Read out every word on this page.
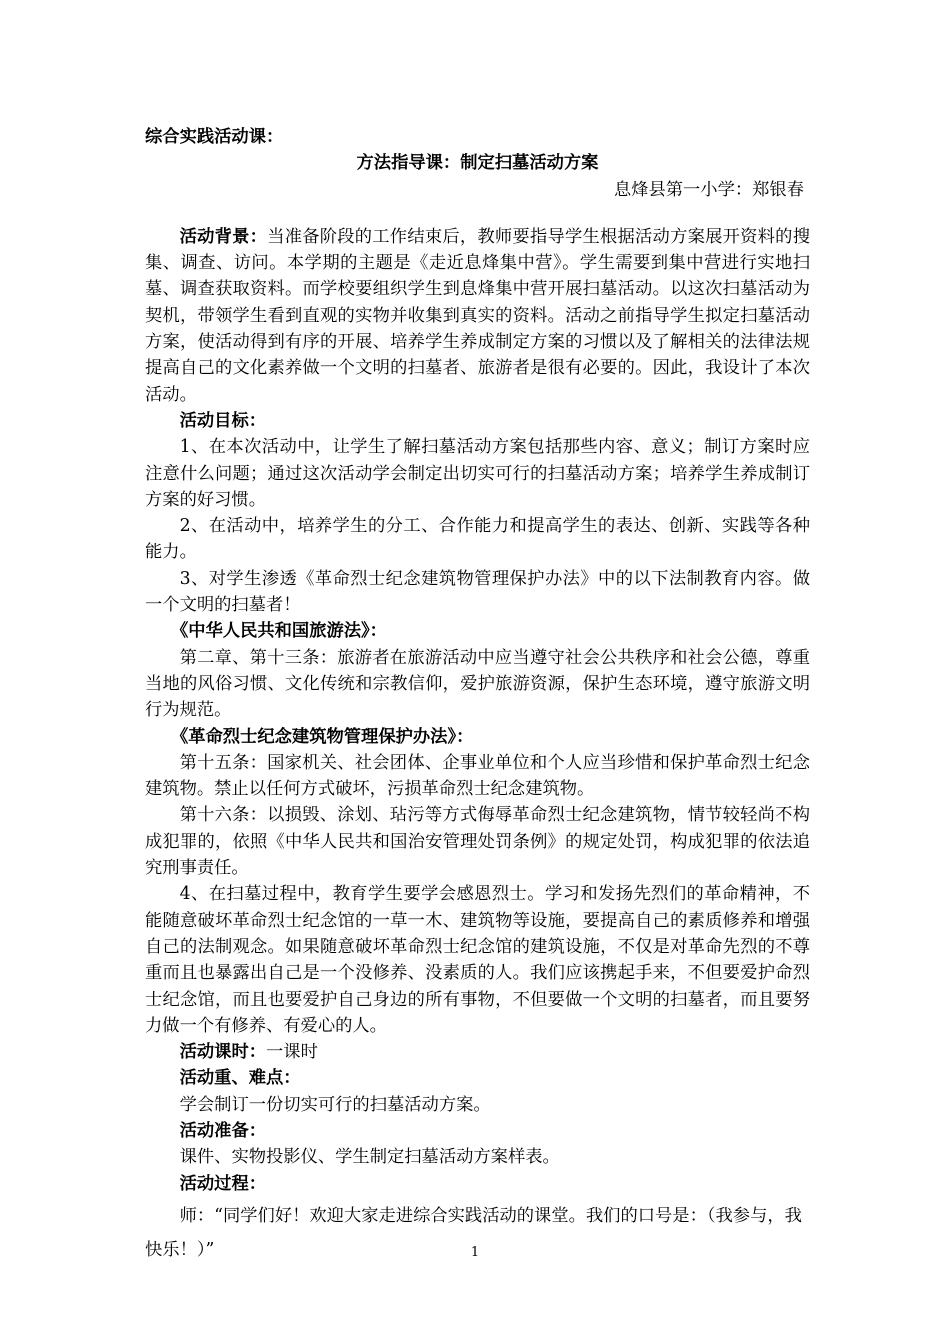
综合实践活动课：

方法指导课：制定扫墓活动方案

息烽县第一小学：郑银春

活动背景：当准备阶段的工作结束后，教师要指导学生根据活动方案展开资料的搜集、调查、访问。本学期的主题是《走近息烽集中营》。学生需要到集中营进行实地扫墓、调查获取资料。而学校要组织学生到息烽集中营开展扫墓活动。以这次扫墓活动为契机，带领学生看到直观的实物并收集到真实的资料。活动之前指导学生拟定扫墓活动方案，使活动得到有序的开展、培养学生养成制定方案的习惯以及了解相关的法律法规提高自己的文化素养做一个文明的扫墓者、旅游者是很有必要的。因此，我设计了本次活动。

活动目标：

1、在本次活动中，让学生了解扫墓活动方案包括那些内容、意义；制订方案时应注意什么问题；通过这次活动学会制定出切实可行的扫墓活动方案；培养学生养成制订方案的好习惯。

2、在活动中，培养学生的分工、合作能力和提高学生的表达、创新、实践等各种能力。

3、对学生渗透《革命烈士纪念建筑物管理保护办法》中的以下法制教育内容。做一个文明的扫墓者！

《中华人民共和国旅游法》：

第二章、第十三条：旅游者在旅游活动中应当遵守社会公共秩序和社会公德，尊重当地的风俗习惯、文化传统和宗教信仰，爱护旅游资源，保护生态环境，遵守旅游文明行为规范。

《革命烈士纪念建筑物管理保护办法》：

第十五条：国家机关、社会团体、企事业单位和个人应当珍惜和保护革命烈士纪念建筑物。禁止以任何方式破坏，污损革命烈士纪念建筑物。

第十六条：以损毁、涂划、玷污等方式侮辱革命烈士纪念建筑物，情节较轻尚不构成犯罪的，依照《中华人民共和国治安管理处罚条例》的规定处罚，构成犯罪的依法追究刑事责任。

4、在扫墓过程中，教育学生要学会感恩烈士。学习和发扬先烈们的革命精神，不能随意破坏革命烈士纪念馆的一草一木、建筑物等设施，要提高自己的素质修养和增强自己的法制观念。如果随意破坏革命烈士纪念馆的建筑设施，不仅是对革命先烈的不尊重而且也暴露出自己是一个没修养、没素质的人。我们应该携起手来，不但要爱护命烈士纪念馆，而且也要爱护自己身边的所有事物，不但要做一个文明的扫墓者，而且要努力做一个有修养、有爱心的人。

活动课时：一课时

活动重、难点：

学会制订一份切实可行的扫墓活动方案。

活动准备：

课件、实物投影仪、学生制定扫墓活动方案样表。

活动过程：

师：“同学们好！欢迎大家走进综合实践活动的课堂。我们的口号是：（我参与，我快乐！）”	1
